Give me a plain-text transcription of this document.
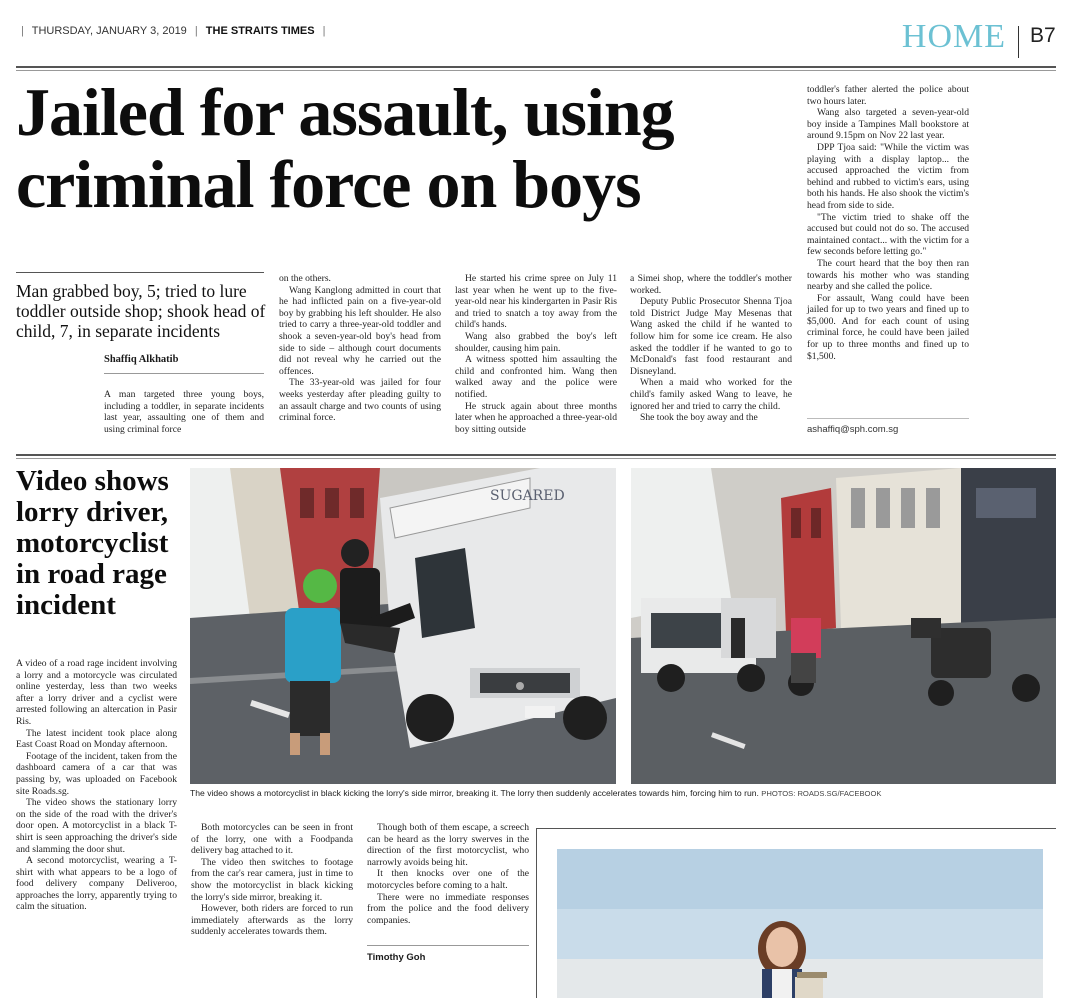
| THURSDAY, JANUARY 3, 2019 | THE STRAITS TIMES |	HOME B7
Jailed for assault, using
criminal force on boys
Man grabbed boy, 5; tried to lure toddler outside shop; shook head of child, 7, in separate incidents
Shaffiq Alkhatib

A man targeted three young boys, including a toddler, in separate incidents last year, assaulting one of them and using criminal force

on the others.

Wang Kanglong admitted in court that he had inflicted pain on a five-year-old boy by grabbing his left shoulder. He also tried to carry a three-year-old toddler and shook a seven-year-old boy's head from side to side – although court documents did not reveal why he carried out the offences.

The 33-year-old was jailed for four weeks yesterday after pleading guilty to an assault charge and two counts of using criminal force.

He started his crime spree on July 11 last year when he went up to the five-year-old near his kindergarten in Pasir Ris and tried to snatch a toy away from the child's hands.

Wang also grabbed the boy's left shoulder, causing him pain.

A witness spotted him assaulting the child and confronted him. Wang then walked away and the police were notified.

He struck again about three months later when he approached a three-year-old boy sitting outside

a Simei shop, where the toddler's mother worked.

Deputy Public Prosecutor Shenna Tjoa told District Judge May Mesenas that Wang asked the child if he wanted to follow him for some ice cream. He also asked the toddler if he wanted to go to McDonald's fast food restaurant and Disneyland.

When a maid who worked for the child's family asked Wang to leave, he ignored her and tried to carry the child.

She took the boy away and the

toddler's father alerted the police about two hours later.

Wang also targeted a seven-year-old boy inside a Tampines Mall bookstore at around 9.15pm on Nov 22 last year.

DPP Tjoa said: "While the victim was playing with a display laptop... the accused approached the victim from behind and rubbed to victim's ears, using both his hands. He also shook the victim's head from side to side.

"The victim tried to shake off the accused but could not do so. The accused maintained contact... with the victim for a few seconds before letting go."

The court heard that the boy then ran towards his mother who was standing nearby and she called the police.

For assault, Wang could have been jailed for up to two years and fined up to $5,000. And for each count of using criminal force, he could have been jailed for up to three months and fined up to $1,500.

ashaffiq@sph.com.sg
Video shows lorry driver, motorcyclist in road rage incident
SUGARED
The video shows a motorcyclist in black kicking the lorry's side mirror, breaking it. The lorry then suddenly accelerates towards him, forcing him to run. PHOTOS: ROADS.SG/FACEBOOK

A video of a road rage incident involving a lorry and a motorcycle was circulated online yesterday, less than two weeks after a lorry driver and a cyclist were arrested following an altercation in Pasir Ris.

The latest incident took place along East Coast Road on Monday afternoon.

Footage of the incident, taken from the dashboard camera of a car that was passing by, was uploaded on Facebook site Roads.sg.

The video shows the stationary lorry on the side of the road with the driver's door open. A motorcyclist in a black T-shirt is seen approaching the driver's side and slamming the door shut.

A second motorcyclist, wearing a T-shirt with what appears to be a logo of food delivery company Deliveroo, approaches the lorry, apparently trying to calm the situation.

Both motorcycles can be seen in front of the lorry, one with a Foodpanda delivery bag attached to it.

The video then switches to footage from the car's rear camera, just in time to show the motorcyclist in black kicking the lorry's side mirror, breaking it.

However, both riders are forced to run immediately afterwards as the lorry suddenly accelerates towards them.

Though both of them escape, a screech can be heard as the lorry swerves in the direction of the first motorcyclist, who narrowly avoids being hit.

It then knocks over one of the motorcycles before coming to a halt.

There were no immediate responses from the police and the food delivery companies.

Timothy Goh
